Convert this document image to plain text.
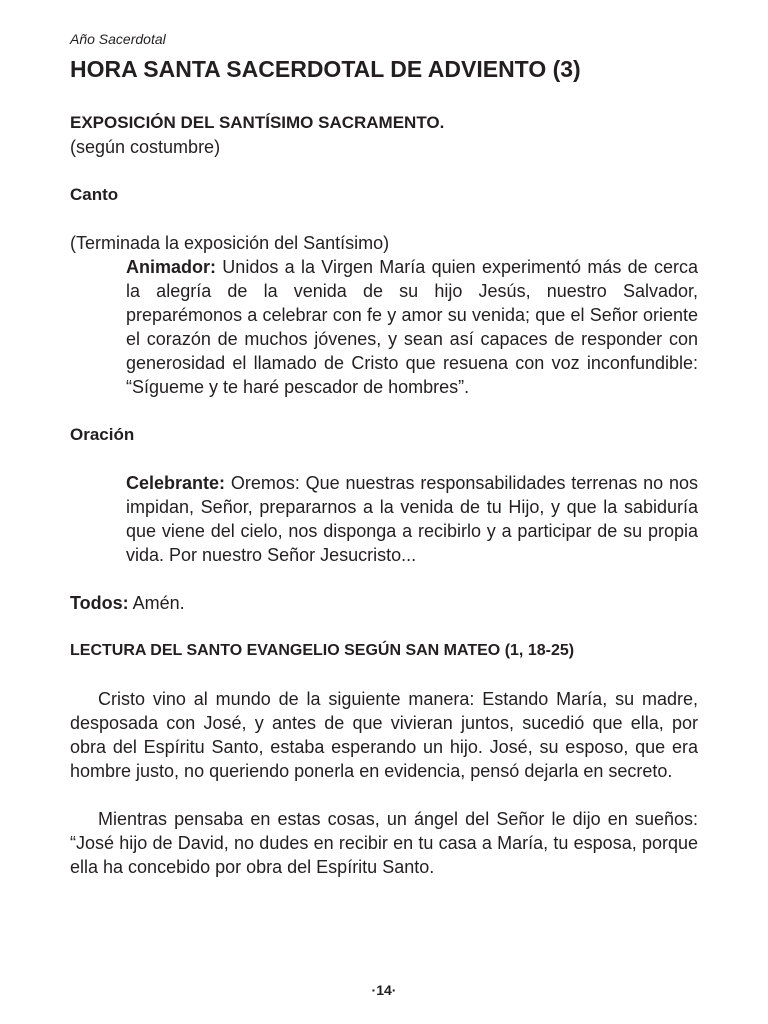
Año Sacerdotal
HORA SANTA SACERDOTAL DE ADVIENTO (3)
EXPOSICIÓN DEL SANTÍSIMO SACRAMENTO.
(según costumbre)
Canto
(Terminada la exposición del Santísimo)
Animador: Unidos a la Virgen María quien experimentó más de cerca la alegría de la venida de su hijo Jesús, nuestro Salvador, preparémonos a celebrar con fe y amor su venida; que el Señor oriente el corazón de muchos jóvenes, y sean así capaces de responder con generosidad el llamado de Cristo que resuena con voz inconfundible: “Sígueme y te haré pescador de hombres”.
Oración
Celebrante: Oremos: Que nuestras responsabilidades terrenas no nos impidan, Señor, prepararnos a la venida de tu Hijo, y que la sabiduría que viene del cielo, nos disponga a recibirlo y a participar de su propia vida. Por nuestro Señor Jesucristo...
Todos: Amén.
LECTURA DEL SANTO EVANGELIO SEGÚN SAN MATEO (1, 18-25)

Cristo vino al mundo de la siguiente manera: Estando María, su madre, desposada con José, y antes de que vivieran juntos, sucedió que ella, por obra del Espíritu Santo, estaba esperando un hijo. José, su esposo, que era hombre justo, no queriendo ponerla en evidencia, pensó dejarla en secreto.

Mientras pensaba en estas cosas, un ángel del Señor le dijo en sueños: “José hijo de David, no dudes en recibir en tu casa a María, tu esposa, porque ella ha concebido por obra del Espíritu Santo.

·14·
